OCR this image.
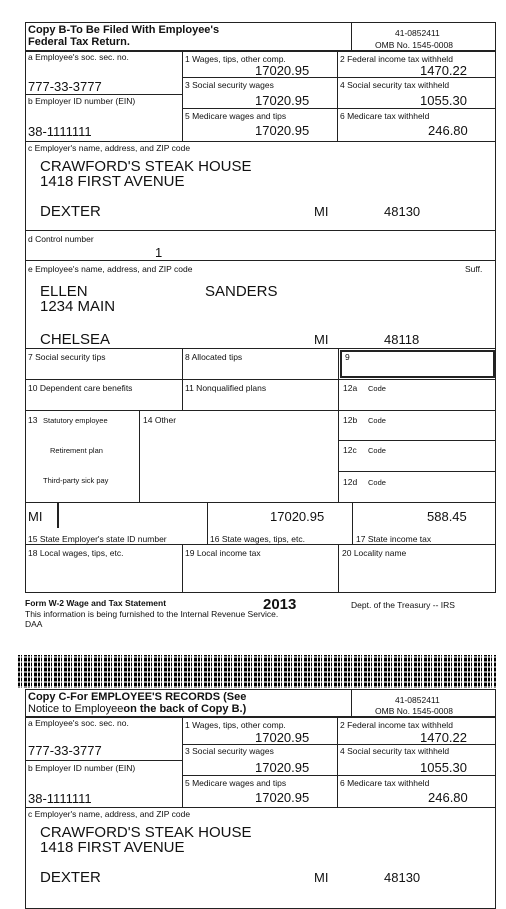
Copy B-To Be Filed With Employee's
Federal Tax Return.
41-0852411
OMB No. 1545-0008
a Employee's soc. sec. no.
777-33-3777
b Employer ID number (EIN)
38-1111111
1 Wages, tips, other comp.
17020.95
2 Federal income tax withheld
1470.22
3 Social security wages
17020.95
4 Social security tax withheld
1055.30
5 Medicare wages and tips
17020.95
6 Medicare tax withheld
246.80
c Employer's name, address, and ZIP code
CRAWFORD'S STEAK HOUSE
1418 FIRST AVENUE
DEXTER	MI	48130
d Control number
1
e Employee's name, address, and ZIP code	Suff.
ELLEN	SANDERS
1234 MAIN
CHELSEA	MI	48118
7 Social security tips	8 Allocated tips	9
10 Dependent care benefits	11 Nonqualified plans	12a Code
13 Statutory employee
Retirement plan
Third-party sick pay
14 Other	12b Code
12c Code
12d Code
MI	17020.95	588.45
15 State Employer's state ID number	16 State wages, tips, etc.	17 State income tax
18 Local wages, tips, etc.	19 Local income tax	20 Locality name
Form W-2 Wage and Tax Statement	2013	Dept. of the Treasury -- IRS
This information is being furnished to the Internal Revenue Service.
DAA
Copy C-For EMPLOYEE'S RECORDS (See
Notice to Employeeon the back of Copy B.)
41-0852411
OMB No. 1545-0008
a Employee's soc. sec. no.
777-33-3777
b Employer ID number (EIN)
38-1111111
1 Wages, tips, other comp.
17020.95
2 Federal income tax withheld
1470.22
3 Social security wages
17020.95
4 Social security tax withheld
1055.30
5 Medicare wages and tips
17020.95
6 Medicare tax withheld
246.80
c Employer's name, address, and ZIP code
CRAWFORD'S STEAK HOUSE
1418 FIRST AVENUE
DEXTER	MI	48130
